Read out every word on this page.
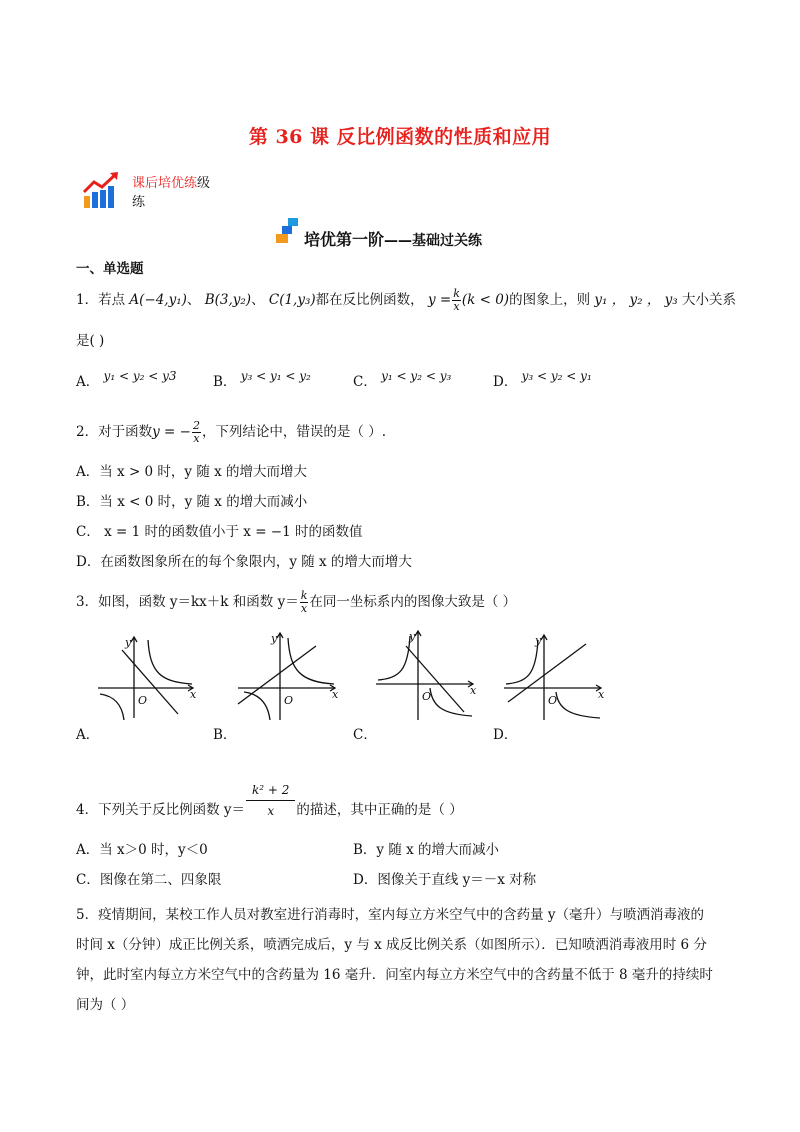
第 36 课 反比例函数的性质和应用
课后培优练级
练
培优第一阶——基础过关练
一、单选题
1．若点 A(−4,y₁)、 B(3,y₂)、 C(1,y₃)都在反比例函数， $y = \frac{k}{x} (k < 0)$的图象上，则 y₁ ， y₂ ， y₃ 大小关系
是( )
A． y₁ < y₂ < y3	B． y₃ < y₁ < y₂	C． y₁ < y₂ < y₃	D． y₃ < y₂ < y₁
2．对于函数y = − $\frac{2}{x}$ ，下列结论中，错误的是（ ）.
A．当 x > 0 时，y 随 x 的增大而增大
B．当 x < 0 时，y 随 x 的增大而减小
C． x = 1 时的函数值小于 x = −1 时的函数值
D．在函数图象所在的每个象限内，y 随 x 的增大而增大
3．如图，函数 y＝kx＋k 和函数 $y= \frac{k}{x}$ 在同一坐标系内的图像大致是（ ）
y
x
O
A．
y
x
O
B．
y
x
O
C．
y
x
O
D．
4．下列关于反比例函数 $y= \frac{\text{k² + 2}}{x}$ 的描述，其中正确的是（ ）
A．当 x＞0 时，y＜0	B．y 随 x 的增大而减小
C．图像在第二、四象限	D．图像关于直线 y＝－x 对称
5．疫情期间，某校工作人员对教室进行消毒时，室内每立方米空气中的含药量 y（毫升）与喷洒消毒液的
时间 x（分钟）成正比例关系，喷洒完成后，y 与 x 成反比例关系（如图所示）．已知喷洒消毒液用时 6 分
钟，此时室内每立方米空气中的含药量为 16 毫升．问室内每立方米空气中的含药量不低于 8 毫升的持续时
间为（ ）
